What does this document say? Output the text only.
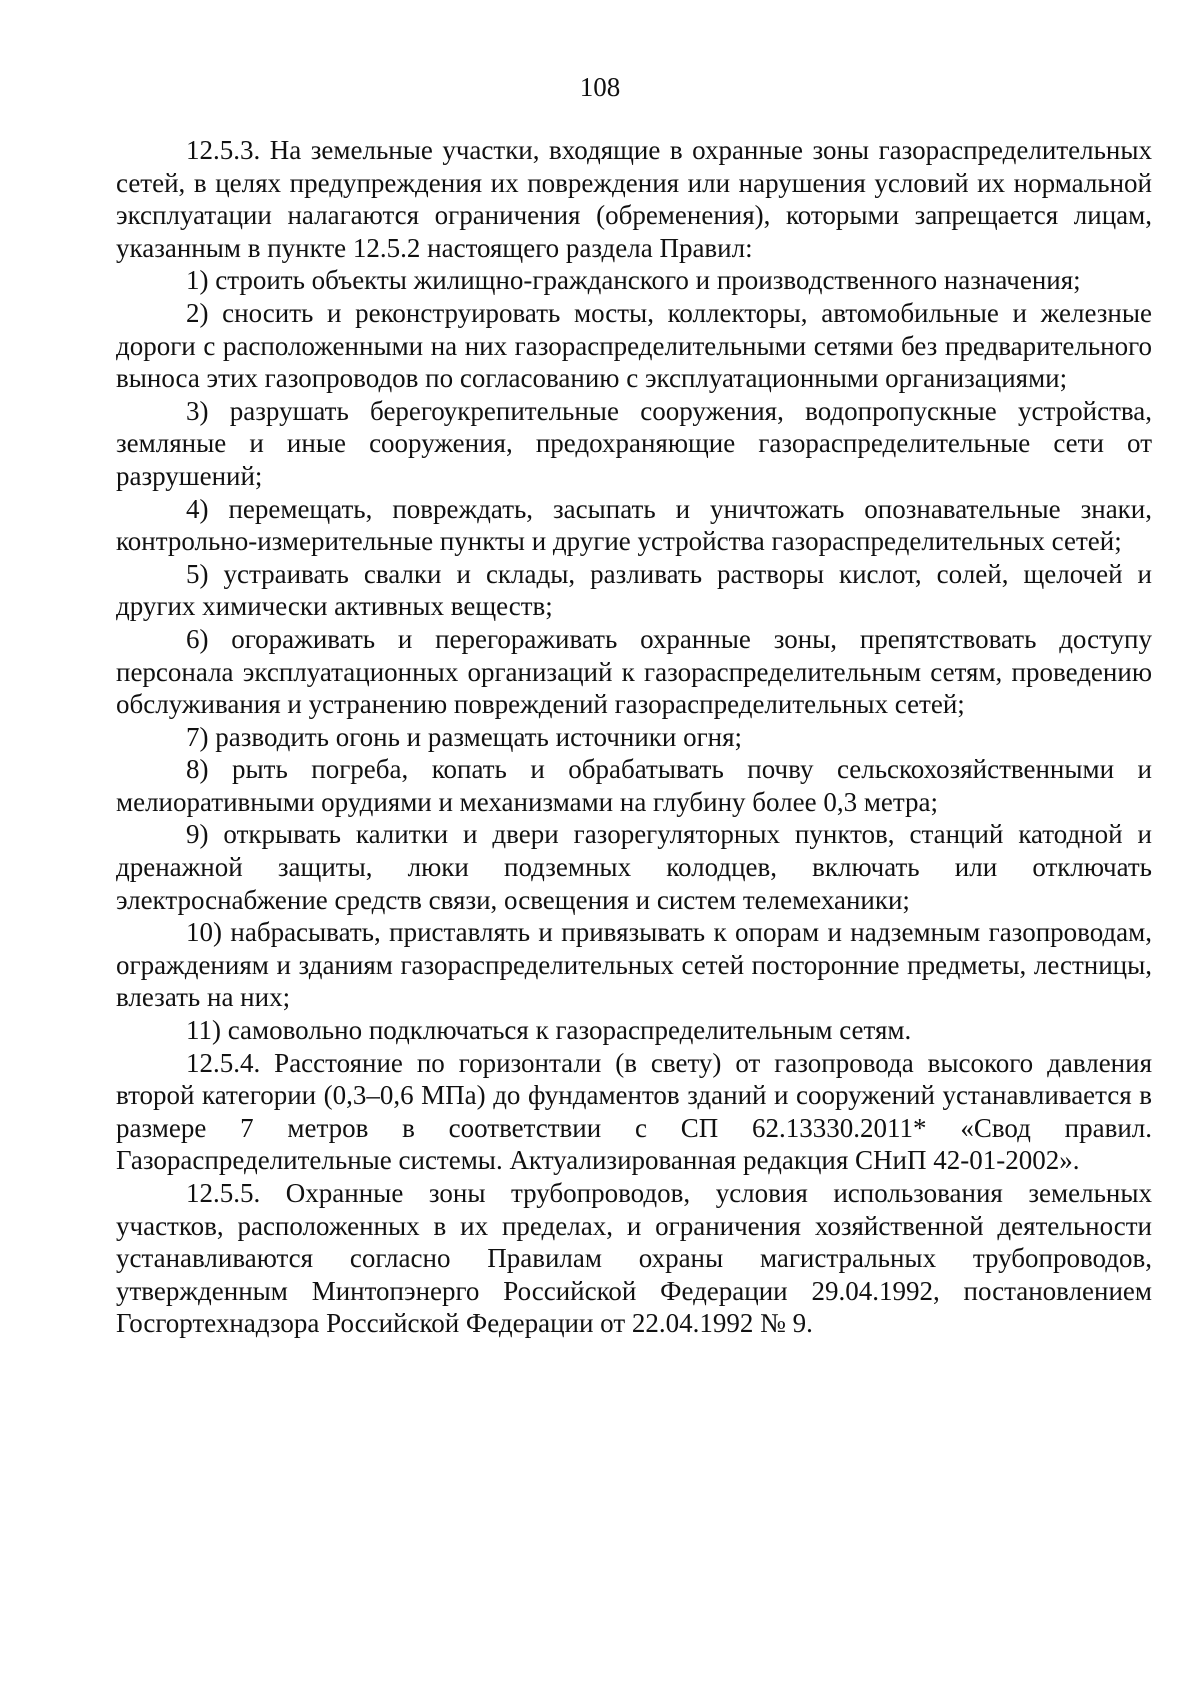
108

12.5.3. На земельные участки, входящие в охранные зоны газораспределительных сетей, в целях предупреждения их повреждения или нарушения условий их нормальной эксплуатации налагаются ограничения (обременения), которыми запрещается лицам, указанным в пункте 12.5.2 настоящего раздела Правил:

1) строить объекты жилищно-гражданского и производственного назначения;

2) сносить и реконструировать мосты, коллекторы, автомобильные и железные дороги с расположенными на них газораспределительными сетями без предварительного выноса этих газопроводов по согласованию с эксплуатационными организациями;

3) разрушать берегоукрепительные сооружения, водопропускные устройства, земляные и иные сооружения, предохраняющие газораспределительные сети от разрушений;

4) перемещать, повреждать, засыпать и уничтожать опознавательные знаки, контрольно-измерительные пункты и другие устройства газораспределительных сетей;

5) устраивать свалки и склады, разливать растворы кислот, солей, щелочей и других химически активных веществ;

6) огораживать и перегораживать охранные зоны, препятствовать доступу персонала эксплуатационных организаций к газораспределительным сетям, проведению обслуживания и устранению повреждений газораспределительных сетей;

7) разводить огонь и размещать источники огня;

8) рыть погреба, копать и обрабатывать почву сельскохозяйственными и мелиоративными орудиями и механизмами на глубину более 0,3 метра;

9) открывать калитки и двери газорегуляторных пунктов, станций катодной и дренажной защиты, люки подземных колодцев, включать или отключать электроснабжение средств связи, освещения и систем телемеханики;

10) набрасывать, приставлять и привязывать к опорам и надземным газопроводам, ограждениям и зданиям газораспределительных сетей посторонние предметы, лестницы, влезать на них;

11) самовольно подключаться к газораспределительным сетям.

12.5.4. Расстояние по горизонтали (в свету) от газопровода высокого давления второй категории (0,3–0,6 МПа) до фундаментов зданий и сооружений устанавливается в размере 7 метров в соответствии с СП 62.13330.2011* «Свод правил. Газораспределительные системы. Актуализированная редакция СНиП 42-01-2002».

12.5.5. Охранные зоны трубопроводов, условия использования земельных участков, расположенных в их пределах, и ограничения хозяйственной деятельности устанавливаются согласно Правилам охраны магистральных трубопроводов, утвержденным Минтопэнерго Российской Федерации 29.04.1992, постановлением Госгортехнадзора Российской Федерации от 22.04.1992 № 9.
